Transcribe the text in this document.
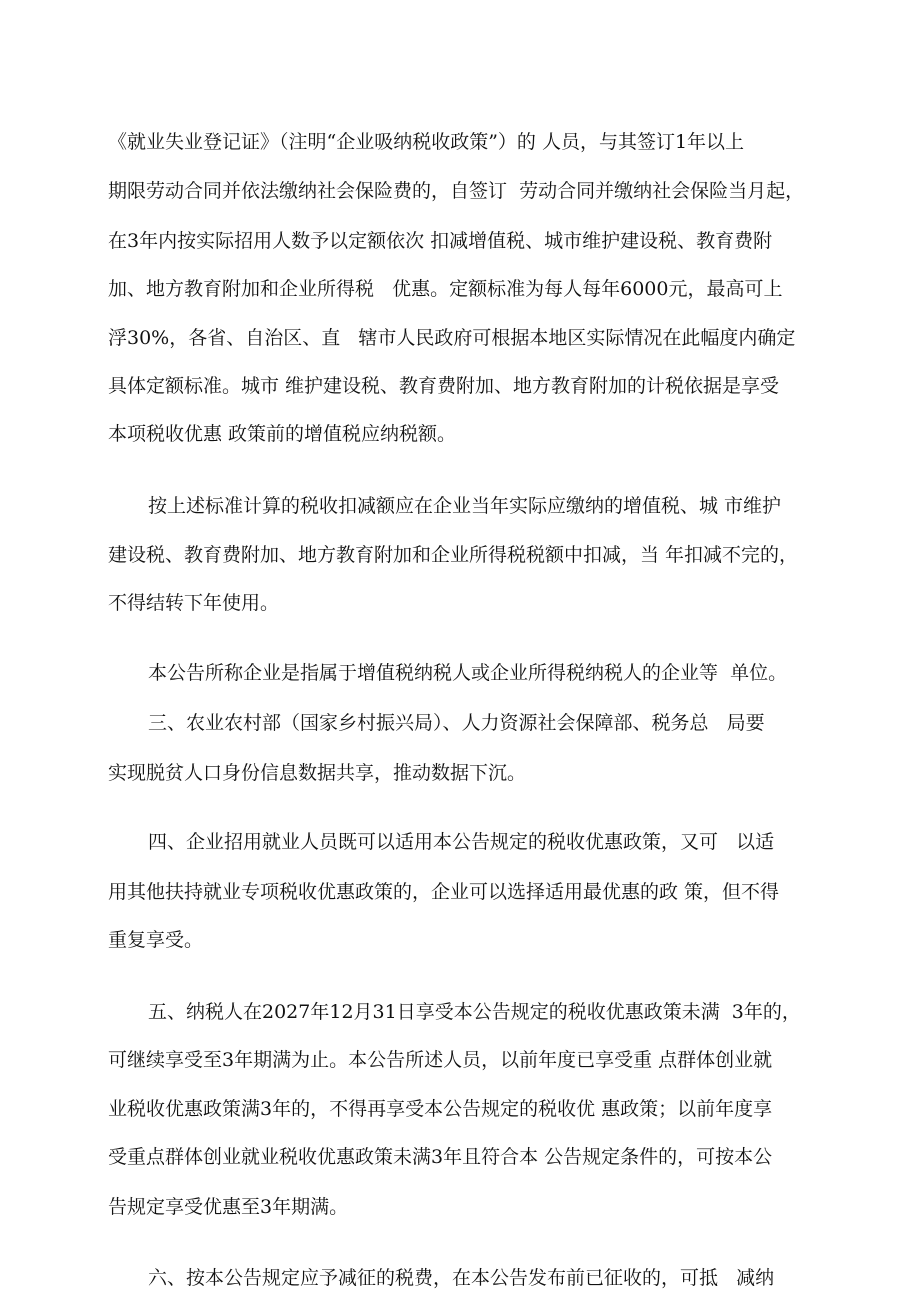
《就业失业登记证》（注明“企业吸纳税收政策”）的 人员，与其签订1年以上
期限劳动合同并依法缴纳社会保险费的，自签订  劳动合同并缴纳社会保险当月起，
在3年内按实际招用人数予以定额依次 扣减增值税、城市维护建设税、教育费附
加、地方教育附加和企业所得税   优惠。定额标准为每人每年6000元，最高可上
浮30%，各省、自治区、直   辖市人民政府可根据本地区实际情况在此幅度内确定
具体定额标准。城市 维护建设税、教育费附加、地方教育附加的计税依据是享受
本项税收优惠 政策前的增值税应纳税额。
按上述标准计算的税收扣减额应在企业当年实际应缴纳的增值税、城 市维护
建设税、教育费附加、地方教育附加和企业所得税税额中扣减，当 年扣减不完的，
不得结转下年使用。
本公告所称企业是指属于增值税纳税人或企业所得税纳税人的企业等  单位。
三、农业农村部（国家乡村振兴局）、人力资源社会保障部、税务总   局要
实现脱贫人口身份信息数据共享，推动数据下沉。
四、企业招用就业人员既可以适用本公告规定的税收优惠政策，又可   以适
用其他扶持就业专项税收优惠政策的，企业可以选择适用最优惠的政 策，但不得
重复享受。
五、纳税人在2027年12月31日享受本公告规定的税收优惠政策未满  3年的，
可继续享受至3年期满为止。本公告所述人员，以前年度已享受重 点群体创业就
业税收优惠政策满3年的，不得再享受本公告规定的税收优 惠政策；以前年度享
受重点群体创业就业税收优惠政策未满3年且符合本 公告规定条件的，可按本公
告规定享受优惠至3年期满。
六、按本公告规定应予减征的税费，在本公告发布前已征收的，可抵   减纳
